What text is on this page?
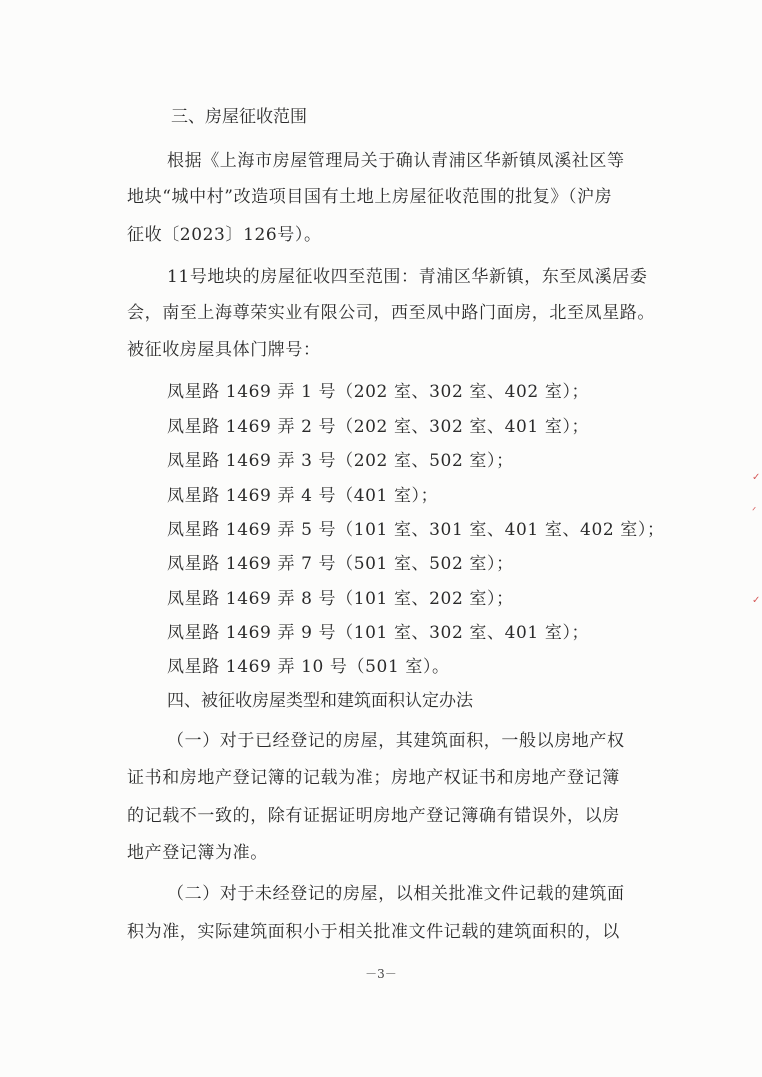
三、房屋征收范围
根据《上海市房屋管理局关于确认青浦区华新镇凤溪社区等
地块“城中村”改造项目国有土地上房屋征收范围的批复》（沪房
征收〔2023〕126号）。
11号地块的房屋征收四至范围：青浦区华新镇，东至凤溪居委
会，南至上海尊荣实业有限公司，西至凤中路门面房，北至凤星路。
被征收房屋具体门牌号：
凤星路 1469 弄 1 号（202 室、302 室、402 室）；
凤星路 1469 弄 2 号（202 室、302 室、401 室）；
凤星路 1469 弄 3 号（202 室、502 室）；
凤星路 1469 弄 4 号（401 室）；
凤星路 1469 弄 5 号（101 室、301 室、401 室、402 室）；
凤星路 1469 弄 7 号（501 室、502 室）；
凤星路 1469 弄 8 号（101 室、202 室）；
凤星路 1469 弄 9 号（101 室、302 室、401 室）；
凤星路 1469 弄 10 号（501 室）。
四、被征收房屋类型和建筑面积认定办法
（一）对于已经登记的房屋，其建筑面积，一般以房地产权
证书和房地产登记簿的记载为准；房地产权证书和房地产登记簿
的记载不一致的，除有证据证明房地产登记簿确有错误外，以房
地产登记簿为准。
（二）对于未经登记的房屋，以相关批准文件记载的建筑面
积为准，实际建筑面积小于相关批准文件记载的建筑面积的，以
－3－
✓
ᐟ
✓
